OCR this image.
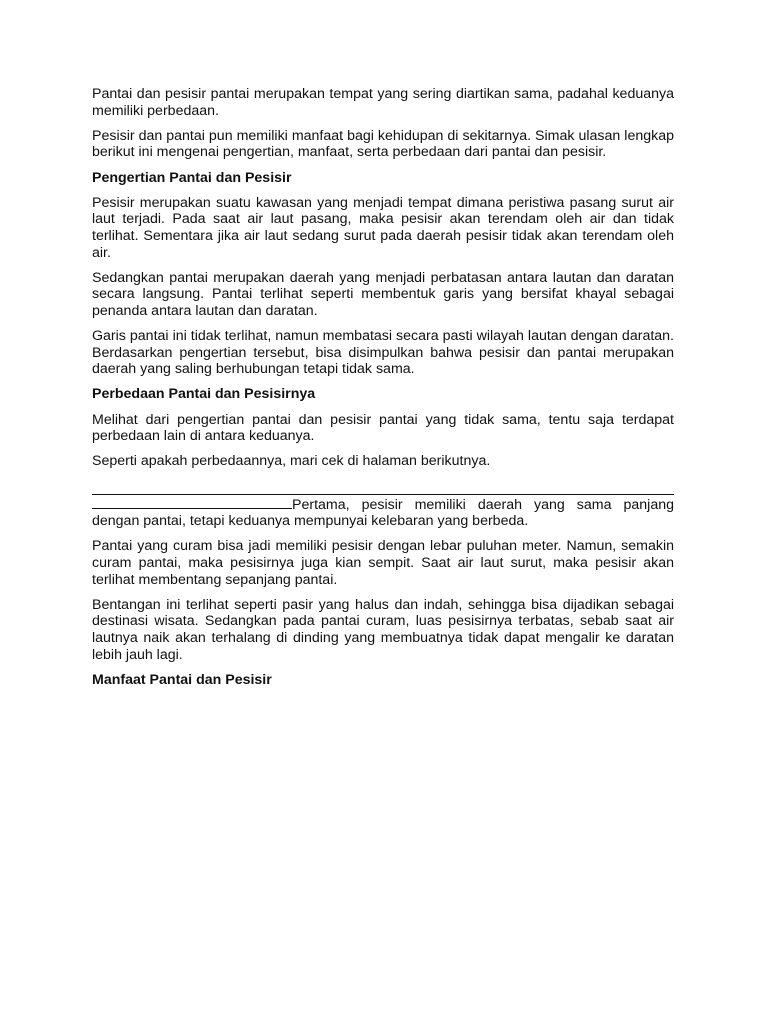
Pantai dan pesisir pantai merupakan tempat yang sering diartikan sama, padahal keduanya memiliki perbedaan.

Pesisir dan pantai pun memiliki manfaat bagi kehidupan di sekitarnya. Simak ulasan lengkap berikut ini mengenai pengertian, manfaat, serta perbedaan dari pantai dan pesisir.

Pengertian Pantai dan Pesisir

Pesisir merupakan suatu kawasan yang menjadi tempat dimana peristiwa pasang surut air laut terjadi. Pada saat air laut pasang, maka pesisir akan terendam oleh air dan tidak terlihat. Sementara jika air laut sedang surut pada daerah pesisir tidak akan terendam oleh air.

Sedangkan pantai merupakan daerah yang menjadi perbatasan antara lautan dan daratan secara langsung. Pantai terlihat seperti membentuk garis yang bersifat khayal sebagai penanda antara lautan dan daratan.

Garis pantai ini tidak terlihat, namun membatasi secara pasti wilayah lautan dengan daratan. Berdasarkan pengertian tersebut, bisa disimpulkan bahwa pesisir dan pantai merupakan daerah yang saling berhubungan tetapi tidak sama.

Perbedaan Pantai dan Pesisirnya

Melihat dari pengertian pantai dan pesisir pantai yang tidak sama, tentu saja terdapat perbedaan lain di antara keduanya.

Seperti apakah perbedaannya, mari cek di halaman berikutnya.

Pertama, pesisir memiliki daerah yang sama panjang dengan pantai, tetapi keduanya mempunyai kelebaran yang berbeda.

Pantai yang curam bisa jadi memiliki pesisir dengan lebar puluhan meter. Namun, semakin curam pantai, maka pesisirnya juga kian sempit. Saat air laut surut, maka pesisir akan terlihat membentang sepanjang pantai.

Bentangan ini terlihat seperti pasir yang halus dan indah, sehingga bisa dijadikan sebagai destinasi wisata. Sedangkan pada pantai curam, luas pesisirnya terbatas, sebab saat air lautnya naik akan terhalang di dinding yang membuatnya tidak dapat mengalir ke daratan lebih jauh lagi.

Manfaat Pantai dan Pesisir
